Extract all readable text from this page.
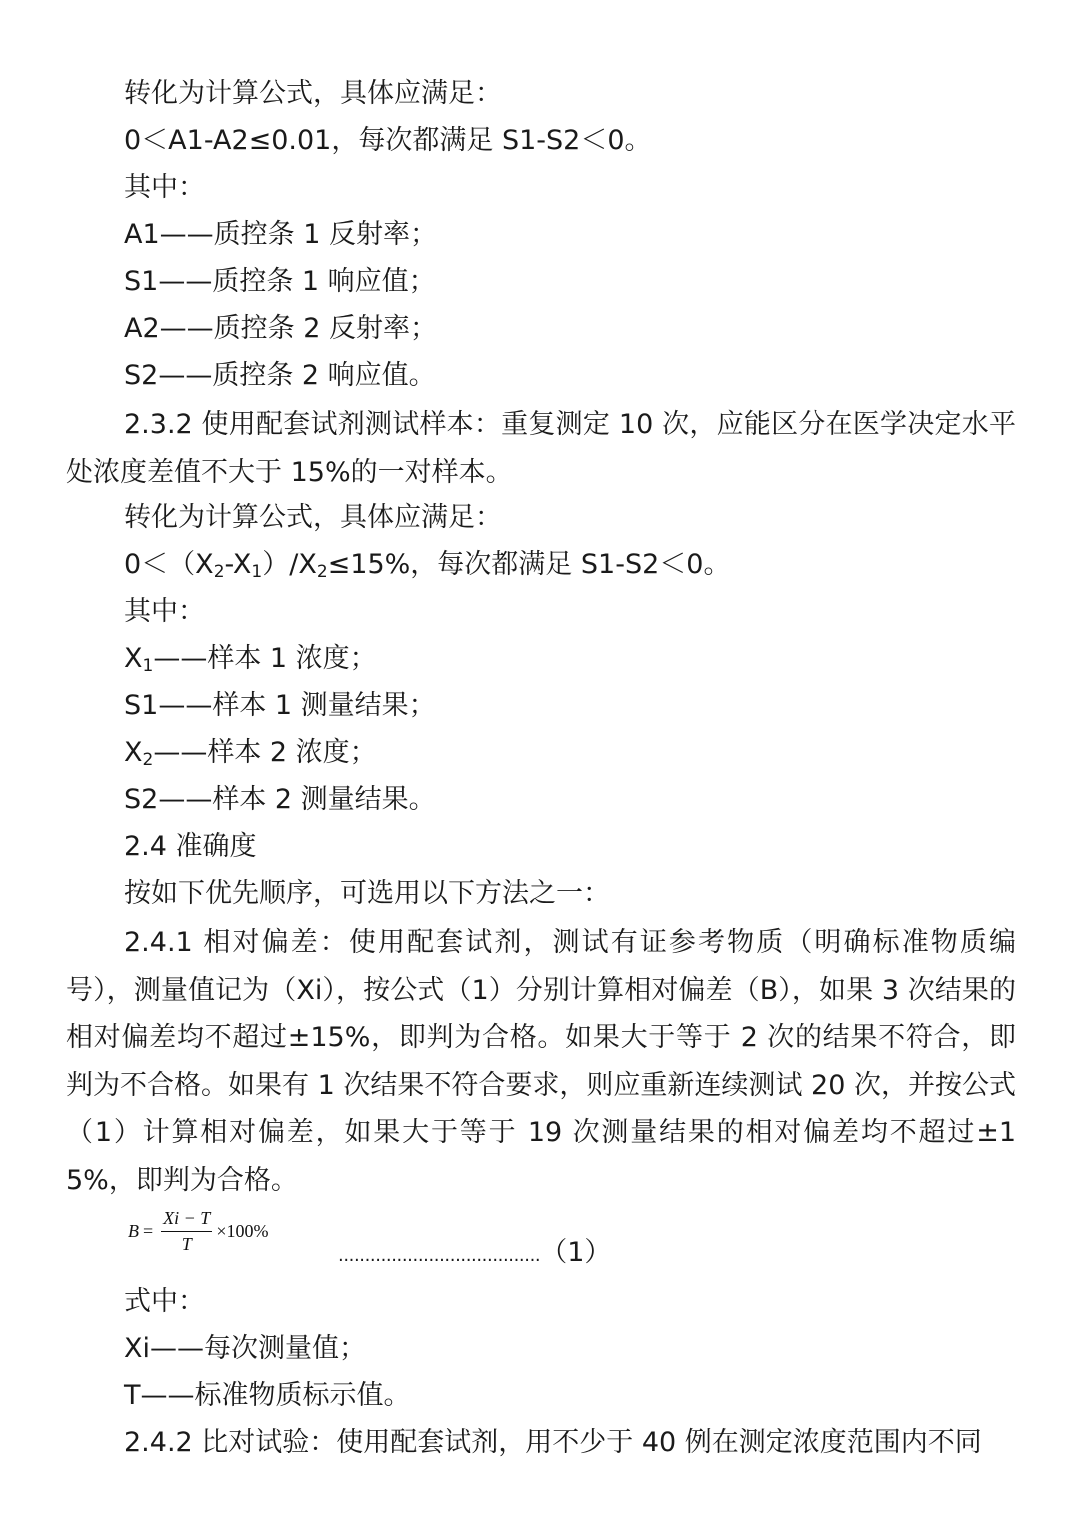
转化为计算公式，具体应满足：
0＜A1-A2≤0.01，每次都满足 S1-S2＜0。
其中：
A1——质控条 1 反射率；
S1——质控条 1 响应值；
A2——质控条 2 反射率；
S2——质控条 2 响应值。
2.3.2 使用配套试剂测试样本：重复测定 10 次，应能区分在医学决定水平处浓度差值不大于 15%的一对样本。
转化为计算公式，具体应满足：
$0<(X_2-X_1)/X_2\le 15\%$，每次都满足 S1-S2＜0。
其中：
$X_1——$样本 1 浓度；
S1——样本 1 测量结果；
$X_2——$样本 2 浓度；
S2——样本 2 测量结果。
2.4 准确度
按如下优先顺序，可选用以下方法之一：
2.4.1 相对偏差：使用配套试剂，测试有证参考物质（明确标准物质编号），测量值记为（Xi），按公式（1）分别计算相对偏差（B），如果 3 次结果的相对偏差均不超过±15%，即判为合格。如果大于等于 2 次的结果不符合，即判为不合格。如果有 1 次结果不符合要求，则应重新连续测试 20 次，并按公式（1）计算相对偏差，如果大于等于 19 次测量结果的相对偏差均不超过±15%，即判为合格。
$B = \frac{Xi - T}{T} \times 100\%$
......................................（1）
式中：
Xi——每次测量值；
T——标准物质标示值。
2.4.2 比对试验：使用配套试剂，用不少于 40 例在测定浓度范围内不同
